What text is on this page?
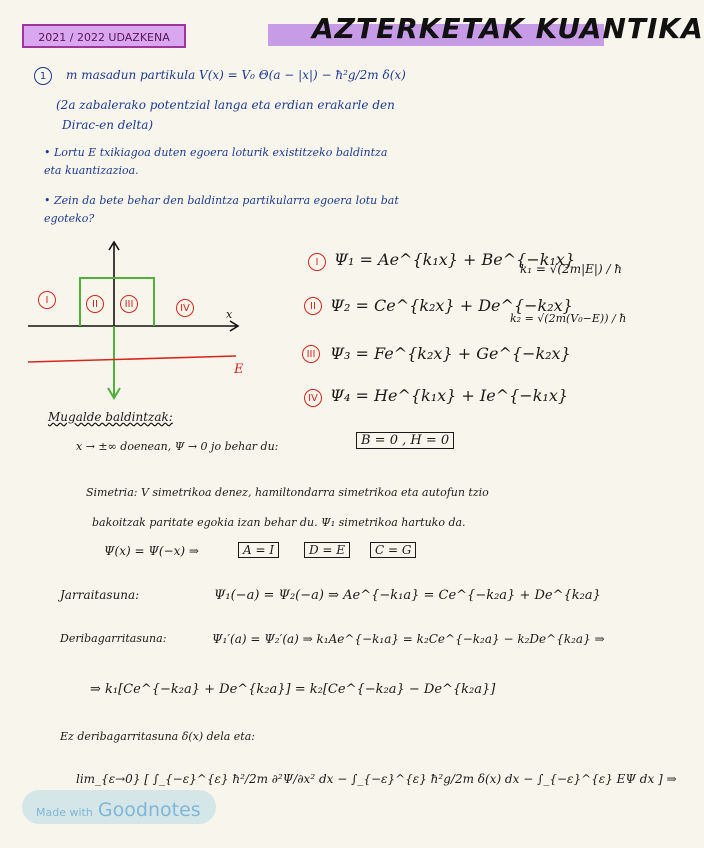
2021 / 2022 UDAZKENA	AZTERKETAK KUANTIKA
1	m masadun partikula V(x) = V₀ Θ(a − |x|) − ħ²g/2m δ(x)
(2a zabalerako potentzial langa eta erdian erakarle den
Dirac-en delta)
• Lortu E txikiagoa duten egoera loturik existitzeko baldintza
eta kuantizazioa.
• Zein da bete behar den baldintza partikularra egoera lotu bat
egoteko?
x
E
I	II	III	IV
I Ψ₁ = Ae^{k₁x} + Be^{−k₁x}
k₁ = √(2m|E|) / ħ
II Ψ₂ = Ce^{k₂x} + De^{−k₂x}
k₂ = √(2m(V₀−E)) / ħ
III Ψ₃ = Fe^{k₂x} + Ge^{−k₂x}
IV Ψ₄ = He^{k₁x} + Ie^{−k₁x}
Mugalde baldintzak:
x → ±∞ doenean, Ψ → 0 jo behar du:	B = 0 , H = 0
Simetria: V simetrikoa denez, hamiltondarra simetrikoa eta autofun tzio
bakoitzak paritate egokia izan behar du. Ψ₁ simetrikoa hartuko da.
Ψ(x) = Ψ(−x) ⇒	A = I	D = E	C = G
Jarraitasuna:	Ψ₁(−a) = Ψ₂(−a) ⇒ Ae^{−k₁a} = Ce^{−k₂a} + De^{k₂a}
Deribagarritasuna:	Ψ₁′(a) = Ψ₂′(a) ⇒ k₁Ae^{−k₁a} = k₂Ce^{−k₂a} − k₂De^{k₂a} ⇒
⇒ k₁[Ce^{−k₂a} + De^{k₂a}] = k₂[Ce^{−k₂a} − De^{k₂a}]
Ez deribagarritasuna δ(x) dela eta:
lim_{ε→0} [ ∫_{−ε}^{ε} ħ²/2m ∂²Ψ/∂x² dx − ∫_{−ε}^{ε} ħ²g/2m δ(x) dx − ∫_{−ε}^{ε} EΨ dx ] ⇒
Made with Goodnotes
